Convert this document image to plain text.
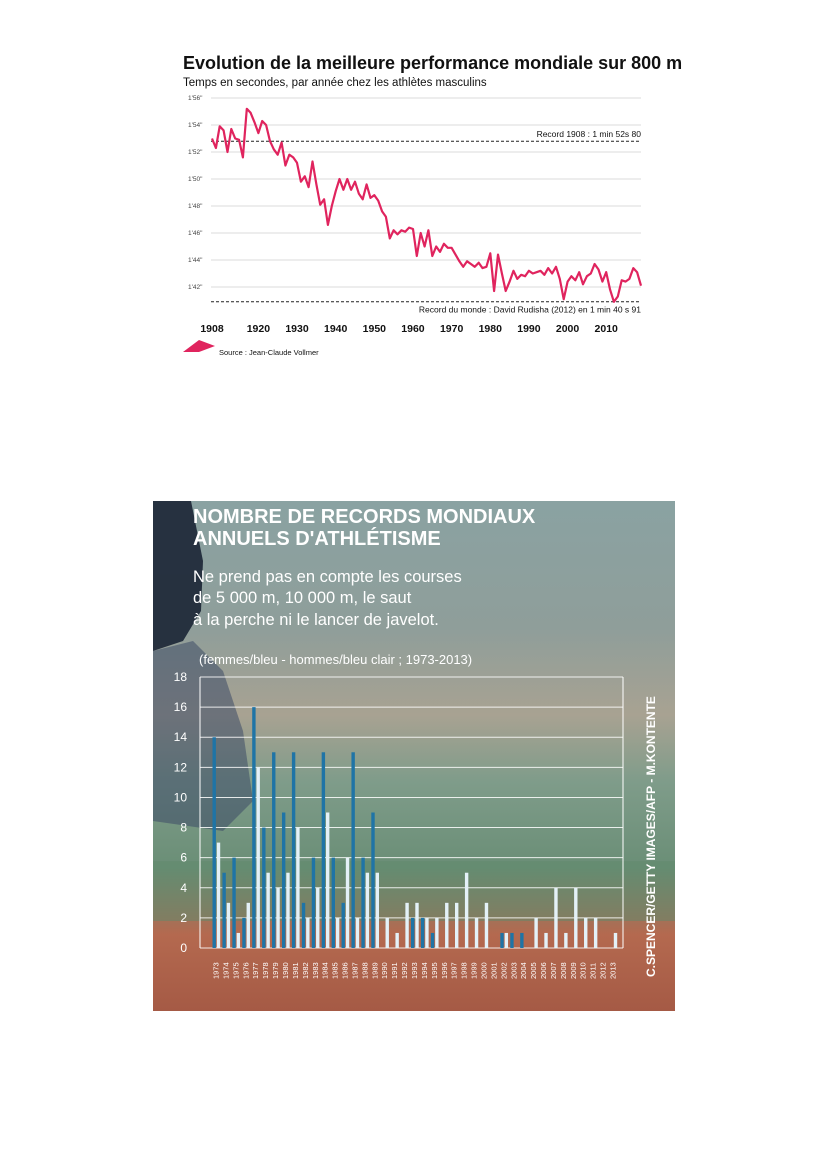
Evolution de la meilleure performance mondiale sur 800 m
Temps en secondes, par année chez les athlètes masculins
1'56"
1'54"
1'52"
1'50"
1'48"
1'46"
1'44"
1'42"
Record 1908 : 1 min 52s 80
Record du monde : David Rudisha (2012) en 1 min 40 s 91
1908 1920 1930 1940 1950 1960 1970 1980 1990 2000 2010
Source : Jean-Claude Vollmer
NOMBRE DE RECORDS MONDIAUX
ANNUELS D'ATHLÉTISME
Ne prend pas en compte les courses
de 5 000 m, 10 000 m, le saut
à la perche ni le lancer de javelot.
(femmes/bleu - hommes/bleu clair ; 1973-2013)
0
2
4
6
8
10
12
14
16
18
1973 1974 1975 1976 1977 1978 1979 1980 1981 1982 1983 1984 1985 1986 1987 1988 1989 1990 1991 1992 1993 1994 1995 1996 1997 1998 1999 2000 2001 2002 2003 2004 2005 2006 2007 2008 2009 2010 2011 2012 2013 C.SPENCER/GETTY IMAGES/AFP - M.KONTENTE
